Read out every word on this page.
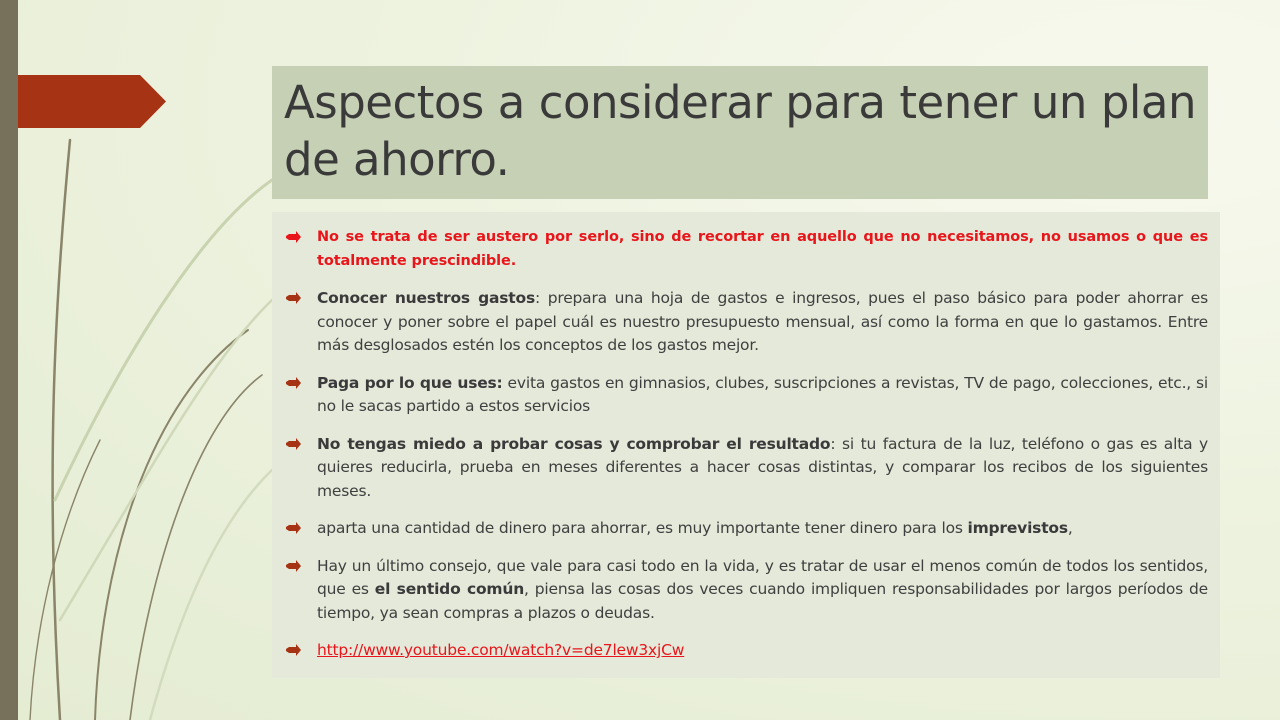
Aspectos a considerar para tener un plan de ahorro.
No se trata de ser austero por serlo, sino de recortar en aquello que no necesitamos, no usamos o que es totalmente prescindible.
Conocer nuestros gastos: prepara una hoja de gastos e ingresos, pues el paso básico para poder ahorrar es conocer y poner sobre el papel cuál es nuestro presupuesto mensual, así como la forma en que lo gastamos. Entre más desglosados estén los conceptos de los gastos mejor.
Paga por lo que uses: evita gastos en gimnasios, clubes, suscripciones a revistas, TV de pago, colecciones, etc., si no le sacas partido a estos servicios
No tengas miedo a probar cosas y comprobar el resultado: si tu factura de la luz, teléfono o gas es alta y quieres reducirla, prueba en meses diferentes a hacer cosas distintas, y comparar los recibos de los siguientes meses.
aparta una cantidad de dinero para ahorrar, es muy importante tener dinero para los imprevistos,
Hay un último consejo, que vale para casi todo en la vida, y es tratar de usar el menos común de todos los sentidos, que es el sentido común, piensa las cosas dos veces cuando impliquen responsabilidades por largos períodos de tiempo, ya sean compras a plazos o deudas.
http://www.youtube.com/watch?v=de7lew3xjCw
